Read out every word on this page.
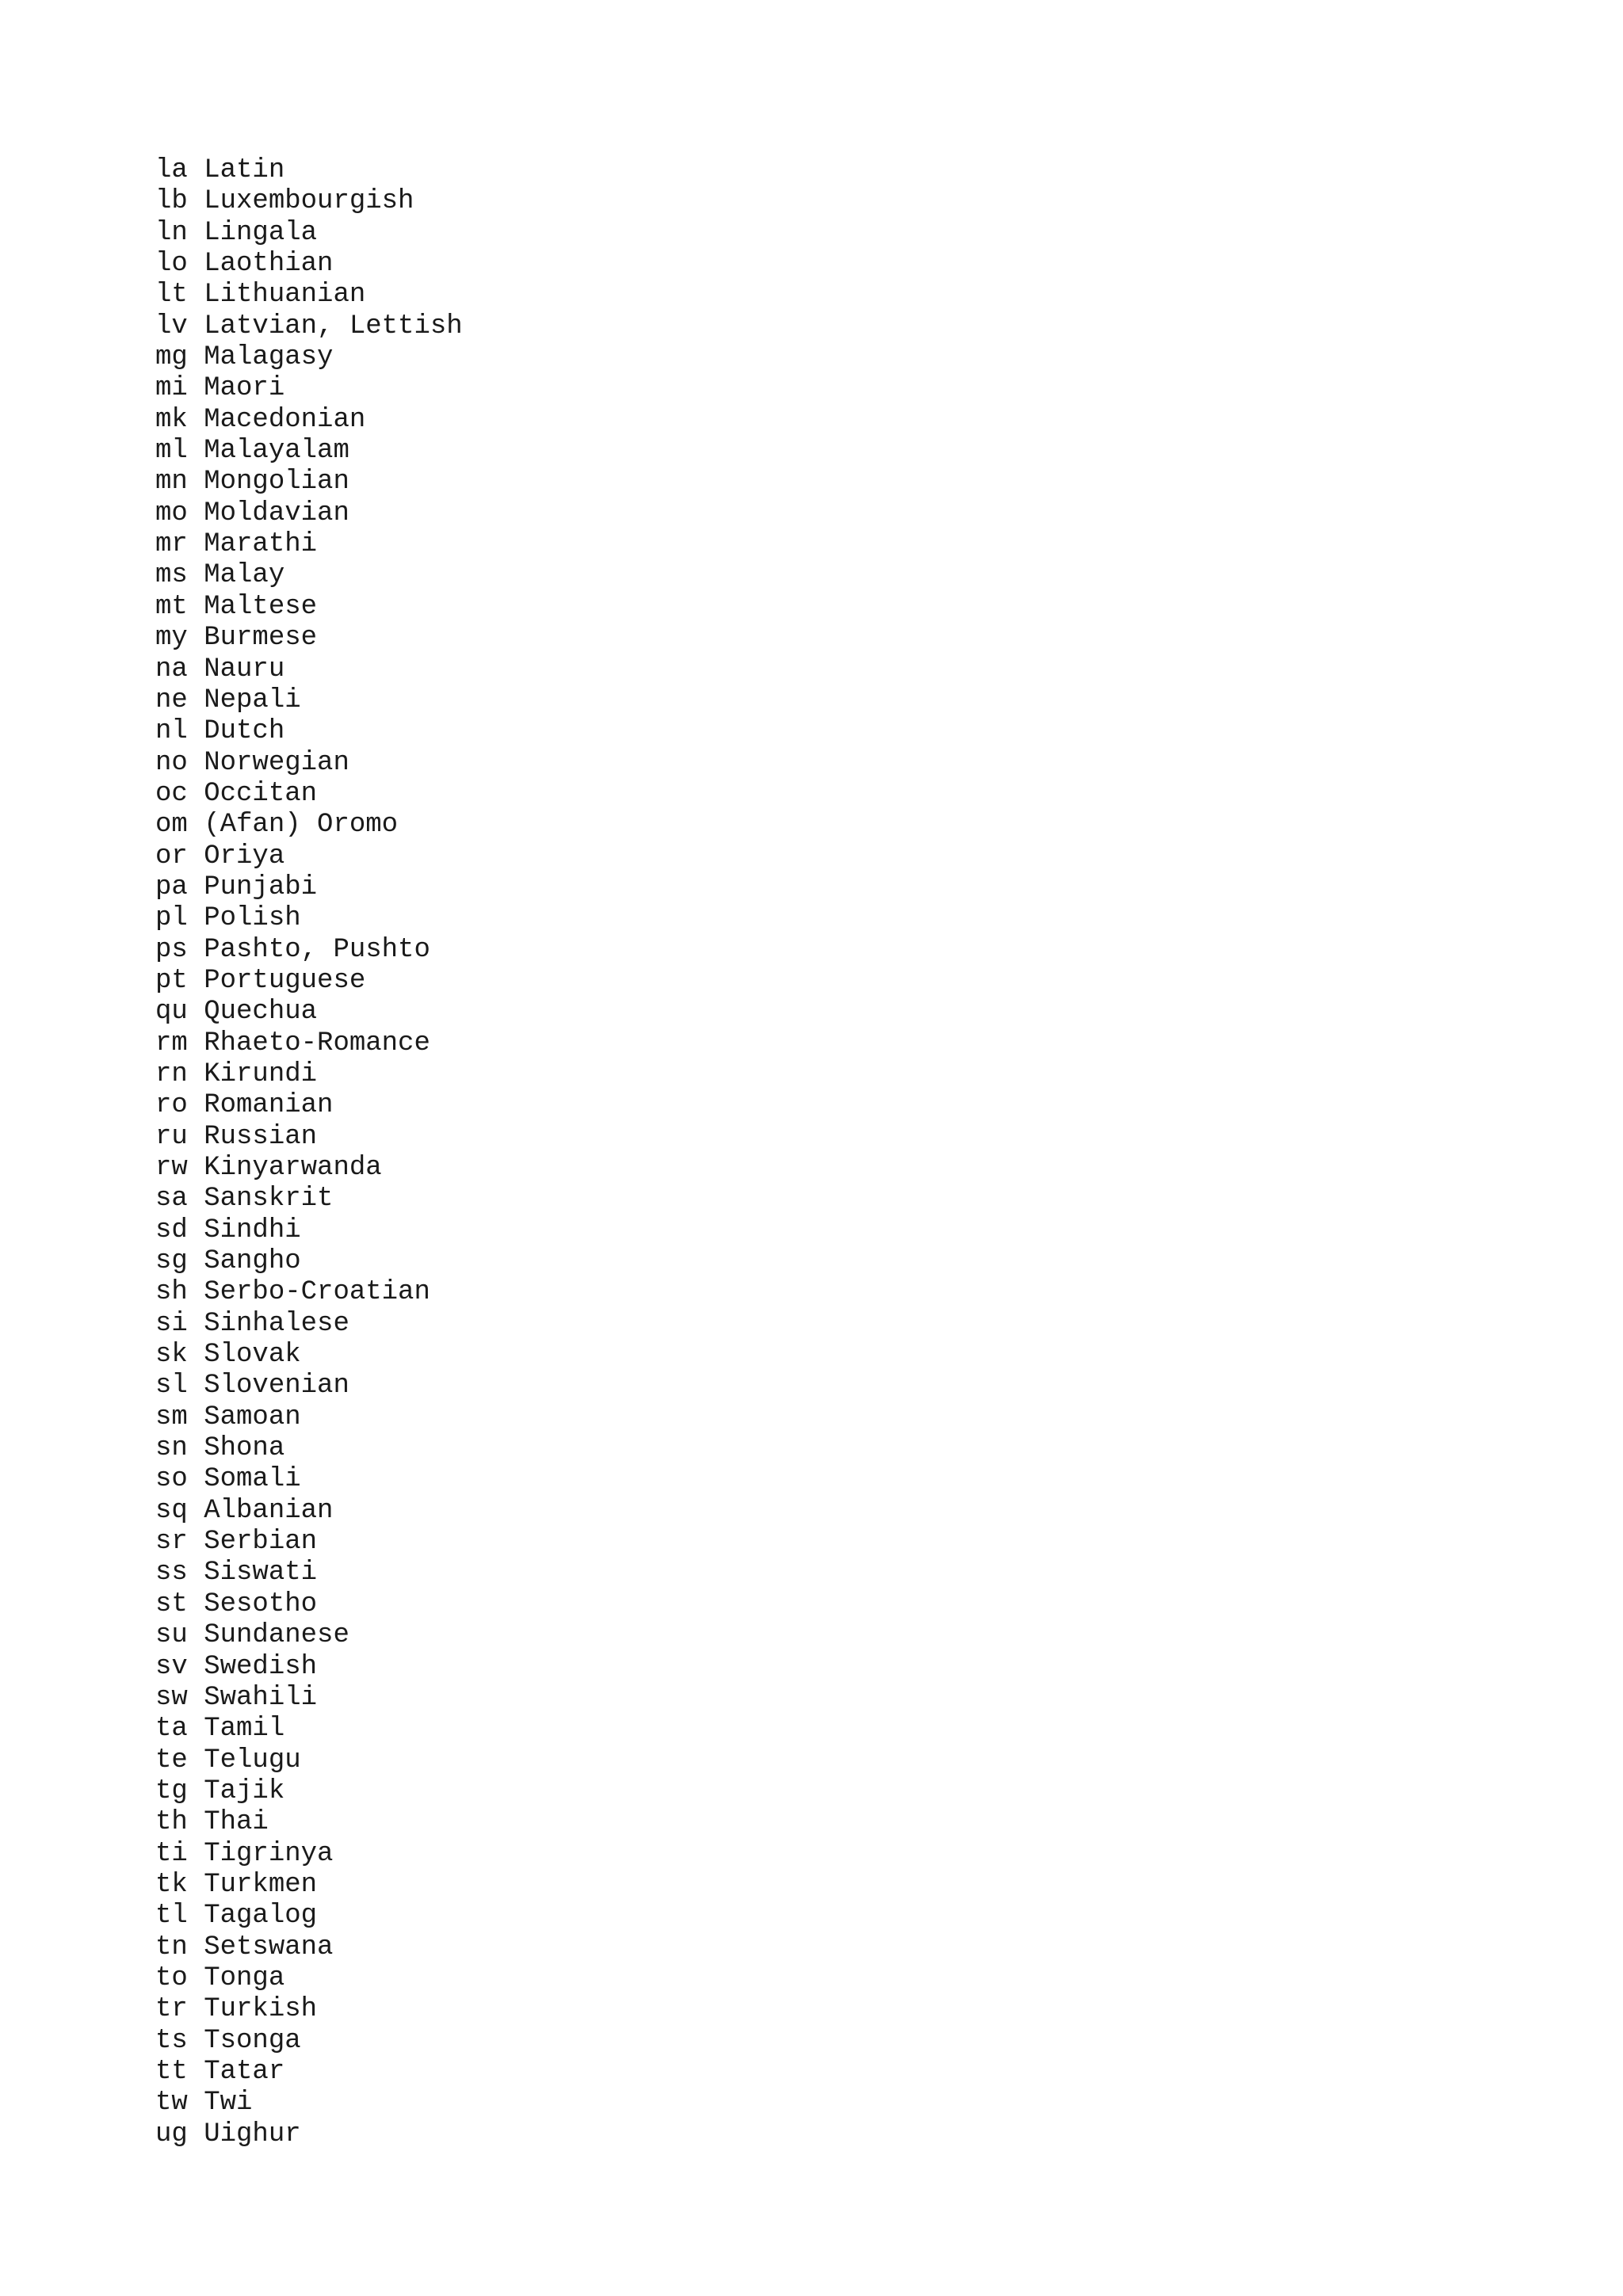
la Latin
lb Luxembourgish
ln Lingala
lo Laothian
lt Lithuanian
lv Latvian, Lettish
mg Malagasy
mi Maori
mk Macedonian
ml Malayalam
mn Mongolian
mo Moldavian
mr Marathi
ms Malay
mt Maltese
my Burmese
na Nauru
ne Nepali
nl Dutch
no Norwegian
oc Occitan
om (Afan) Oromo
or Oriya
pa Punjabi
pl Polish
ps Pashto, Pushto
pt Portuguese
qu Quechua
rm Rhaeto-Romance
rn Kirundi
ro Romanian
ru Russian
rw Kinyarwanda
sa Sanskrit
sd Sindhi
sg Sangho
sh Serbo-Croatian
si Sinhalese
sk Slovak
sl Slovenian
sm Samoan
sn Shona
so Somali
sq Albanian
sr Serbian
ss Siswati
st Sesotho
su Sundanese
sv Swedish
sw Swahili
ta Tamil
te Telugu
tg Tajik
th Thai
ti Tigrinya
tk Turkmen
tl Tagalog
tn Setswana
to Tonga
tr Turkish
ts Tsonga
tt Tatar
tw Twi
ug Uighur
